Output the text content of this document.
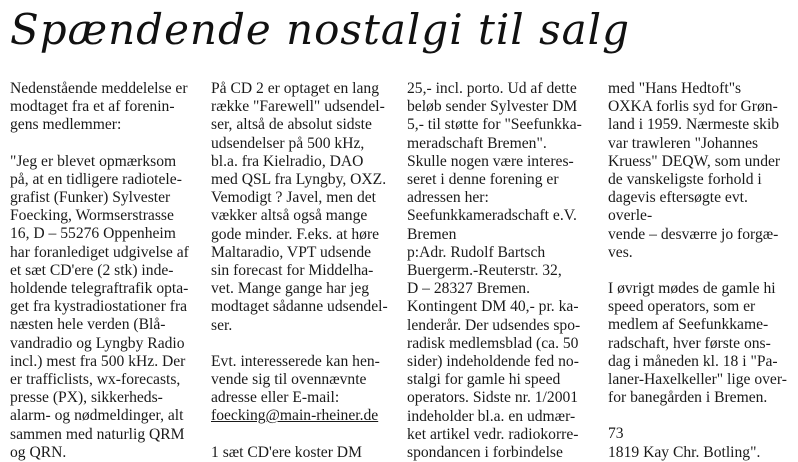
Spændende nostalgi til salg

Nedenstående meddelelse er

modtaget fra et af forenin-

gens medlemmer:

"Jeg er blevet opmærksom

på, at en tidligere radiotele-

grafist (Funker) Sylvester

Foecking, Wormserstrasse

16, D – 55276 Oppenheim

har foranlediget udgivelse af

et sæt CD'ere (2 stk) inde-

holdende telegraftrafik opta-

get fra kystradiostationer fra

næsten hele verden (Blå-

vandradio og Lyngby Radio

incl.) mest fra 500 kHz. Der

er trafficlists, wx-forecasts,

presse (PX), sikkerheds-

alarm- og nødmeldinger, alt

sammen med naturlig QRM

og QRN.

På CD 2 er optaget en lang

række "Farewell" udsendel-

ser, altså de absolut sidste

udsendelser på 500 kHz,

bl.a. fra Kielradio, DAO

med QSL fra Lyngby, OXZ.

Vemodigt ? Javel, men det

vækker altså også mange

gode minder. F.eks. at høre

Maltaradio, VPT udsende

sin forecast for Middelha-

vet. Mange gange har jeg

modtaget sådanne udsendel-

ser.

Evt. interesserede kan hen-

vende sig til ovennævnte

adresse eller E-mail:

foecking@main-rheiner.de

1 sæt CD'ere koster DM

25,- incl. porto. Ud af dette

beløb sender Sylvester DM

5,- til støtte for "Seefunkka-

meradschaft Bremen".

Skulle nogen være interes-

seret i denne forening er

adressen her:

Seefunkkameradschaft e.V.

Bremen

p:Adr. Rudolf Bartsch

Buergerm.-Reuterstr. 32,

D – 28327 Bremen.

Kontingent DM 40,- pr. ka-

lenderår. Der udsendes spo-

radisk medlemsblad (ca. 50

sider) indeholdende fed no-

stalgi for gamle hi speed

operators. Sidste nr. 1/2001

indeholder bl.a. en udmær-

ket artikel vedr. radiokorre-

spondancen i forbindelse

med "Hans Hedtoft"s

OXKA forlis syd for Grøn-

land i 1959. Nærmeste skib

var trawleren "Johannes

Kruess" DEQW, som under

de vanskeligste forhold i

dagevis eftersøgte evt. overle-

vende – desværre jo forgæ-

ves.

I øvrigt mødes de gamle hi

speed operators, som er

medlem af Seefunkkame-

radschaft, hver første ons-

dag i måneden kl. 18 i "Pa-

laner-Haxelkeller" lige over-

for banegården i Bremen.

73

1819 Kay Chr. Botling".
